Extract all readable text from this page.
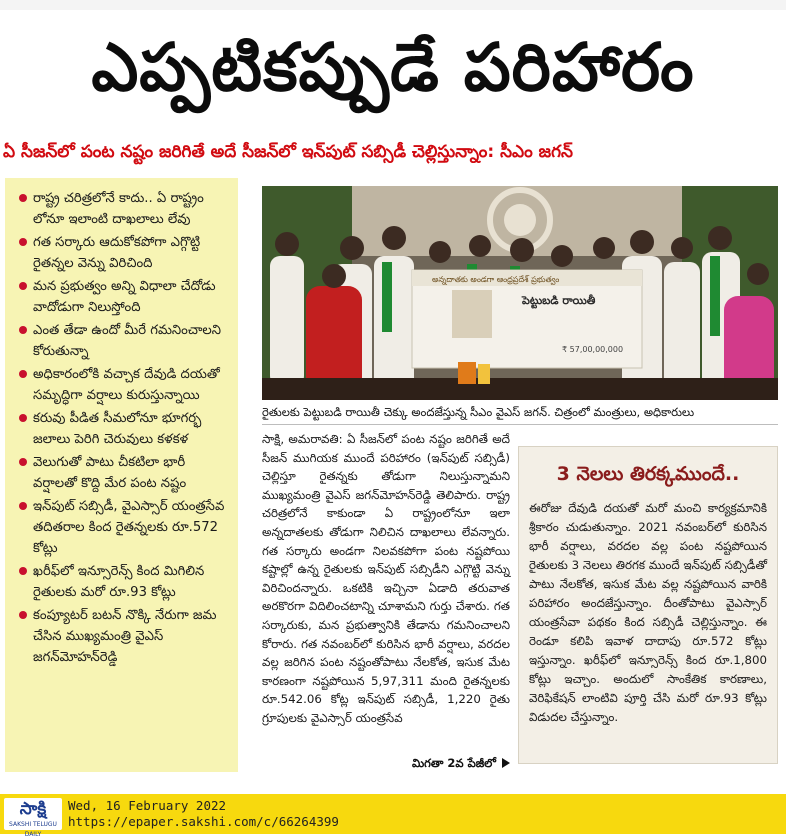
ఎప్పటికప్పుడే పరిహారం
ఏ సీజన్‌లో పంట నష్టం జరిగితే అదే సీజన్‌లో ఇన్‌పుట్ సబ్సిడీ చెల్లిస్తున్నాం: సీఎం జగన్
రాష్ట్ర చరిత్రలోనే కాదు.. ఏ రాష్ట్రం లోనూ ఇలాంటి దాఖలాలు లేవు
గత సర్కారు ఆదుకోకపోగా ఎగ్గొట్టి రైతన్నల వెన్ను విరిచింది
మన ప్రభుత్వం అన్ని విధాలా చేదోడు వాదోడుగా నిలుస్తోంది
ఎంత తేడా ఉందో మీరే గమనించాలని కోరుతున్నా
అధికారంలోకి వచ్చాక దేవుడి దయతో సమృద్ధిగా వర్షాలు కురుస్తున్నాయి
కరువు పీడిత సీమలోనూ భూగర్భ జలాలు పెరిగి చెరువులు కళకళ
వెలుగుతో పాటు చీకటిలా భారీ వర్షాలతో కొద్ది మేర పంట నష్టం
ఇన్‌పుట్ సబ్సిడీ, వైఎస్సార్ యంత్రసేవ తదితరాల కింద రైతన్నలకు రూ.572 కోట్లు
ఖరీఫ్‌లో ఇన్సూరెన్స్ కింద మిగిలిన రైతులకు మరో రూ.93 కోట్లు
కంప్యూటర్ బటన్ నొక్కి నేరుగా జమ చేసిన ముఖ్యమంత్రి వైఎస్ జగన్‌మోహన్‌రెడ్డి
అన్నదాతకు అండగా ఆంధ్రప్రదేశ్ ప్రభుత్వం
పెట్టుబడి రాయితీ
₹ 57,00,00,000
రైతులకు పెట్టుబడి రాయితీ చెక్కు అందజేస్తున్న సీఎం వైఎస్ జగన్. చిత్రంలో మంత్రులు, అధికారులు
సాక్షి, అమరావతి: ఏ సీజన్‌లో పంట నష్టం జరిగితే అదే సీజన్ ముగియక ముందే పరిహారం (ఇన్‌పుట్ సబ్సిడీ) చెల్లిస్తూ రైతన్నకు తోడుగా నిలుస్తున్నామని ముఖ్యమంత్రి వైఎస్ జగన్‌మోహన్‌రెడ్డి తెలిపారు. రాష్ట్ర చరిత్రలోనే కాకుండా ఏ రాష్ట్రంలోనూ ఇలా అన్నదాతలకు తోడుగా నిలిచిన దాఖలాలు లేవన్నారు. గత సర్కారు అండగా నిలవకపోగా పంట నష్టపోయి కష్టాల్లో ఉన్న రైతులకు ఇన్‌పుట్ సబ్సిడీని ఎగ్గొట్టి వెన్ను విరిచిందన్నారు. ఒకటికి ఇచ్చినా ఏడాది తరువాత అరకొరగా విదిలించటాన్ని చూశామని గుర్తు చేశారు. గత సర్కారుకు, మన ప్రభుత్వానికి తేడాను గమనించాలని కోరారు. గత నవంబర్‌లో కురిసిన భారీ వర్షాలు, వరదల వల్ల జరిగిన పంట నష్టంతోపాటు నేలకోత, ఇసుక మేట కారణంగా నష్టపోయిన 5,97,311 మంది రైతన్నలకు రూ.542.06 కోట్ల ఇన్‌పుట్ సబ్సిడీ, 1,220 రైతు గ్రూపులకు వైఎస్సార్ యంత్రసేవ
మిగతా 2వ పేజీలో
3 నెలలు తిరక్కముందే..
ఈరోజు దేవుడి దయతో మరో మంచి కార్యక్రమానికి శ్రీకారం చుడుతున్నాం. 2021 నవంబర్‌లో కురిసిన భారీ వర్షాలు, వరదల వల్ల పంట నష్టపోయిన రైతులకు 3 నెలలు తిరగక ముందే ఇన్‌పుట్ సబ్సిడీతో పాటు నేలకోత, ఇసుక మేట వల్ల నష్టపోయిన వారికి పరిహారం అందజేస్తున్నాం. దీంతోపాటు వైఎస్సార్ యంత్రసేవా పథకం కింద సబ్సిడీ చెల్లిస్తున్నాం. ఈ రెండూ కలిపి ఇవాళ దాదాపు రూ.572 కోట్లు ఇస్తున్నాం. ఖరీఫ్‌లో ఇన్సూరెన్స్ కింద రూ.1,800 కోట్లు ఇచ్చాం. అందులో సాంకేతిక కారణాలు, వెరిఫికేషన్ లాంటివి పూర్తి చేసి మరో రూ.93 కోట్లు విడుదల చేస్తున్నాం.
సాక్షి
SAKSHI TELUGU DAILY
Wed, 16 February 2022
https://epaper.sakshi.com/c/66264399
